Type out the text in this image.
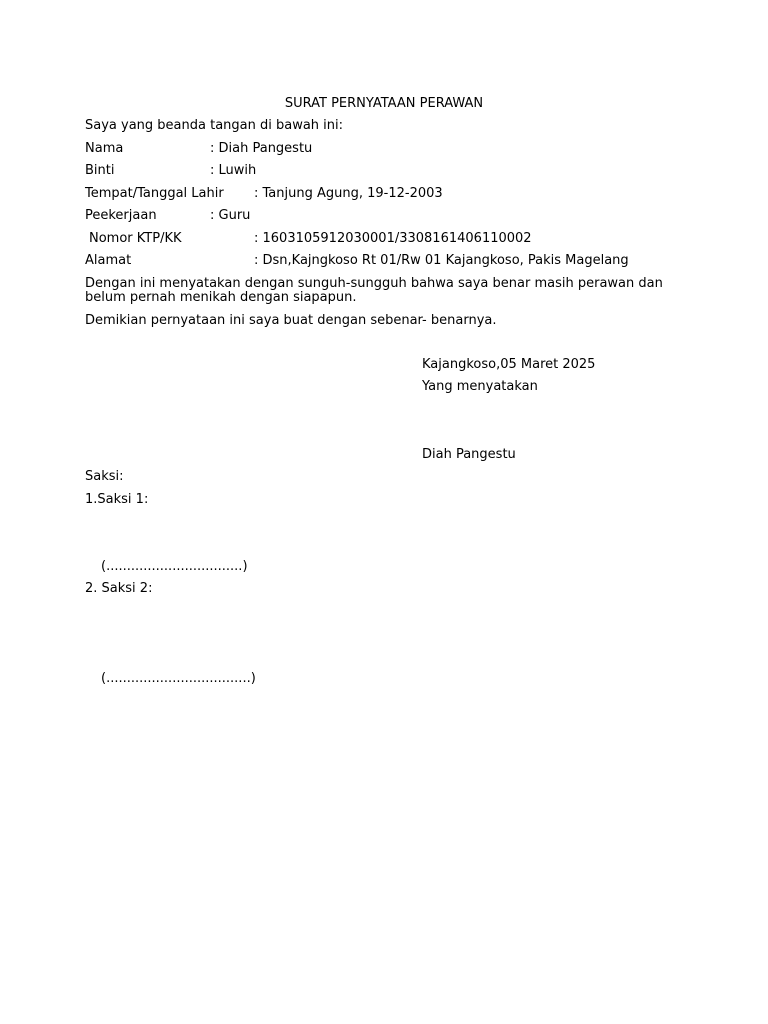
SURAT PERNYATAAN PERAWAN
Saya yang beanda tangan di bawah ini:
Nama	: Diah Pangestu
Binti	: Luwih
Tempat/Tanggal Lahir : Tanjung Agung, 19-12-2003
Peekerjaan	: Guru
Nomor KTP/KK	: 1603105912030001/3308161406110002
Alamat	: Dsn,Kajngkoso Rt 01/Rw 01 Kajangkoso, Pakis Magelang
Dengan ini menyatakan dengan sunguh-sungguh bahwa saya benar masih perawan dan belum pernah menikah dengan siapapun.
Demikian pernyataan ini saya buat dengan sebenar- benarnya.
Kajangkoso,05 Maret 2025
Yang menyatakan
Diah Pangestu
Saksi:
1.Saksi 1:
(.................................)
2. Saksi 2:
(...................................)
